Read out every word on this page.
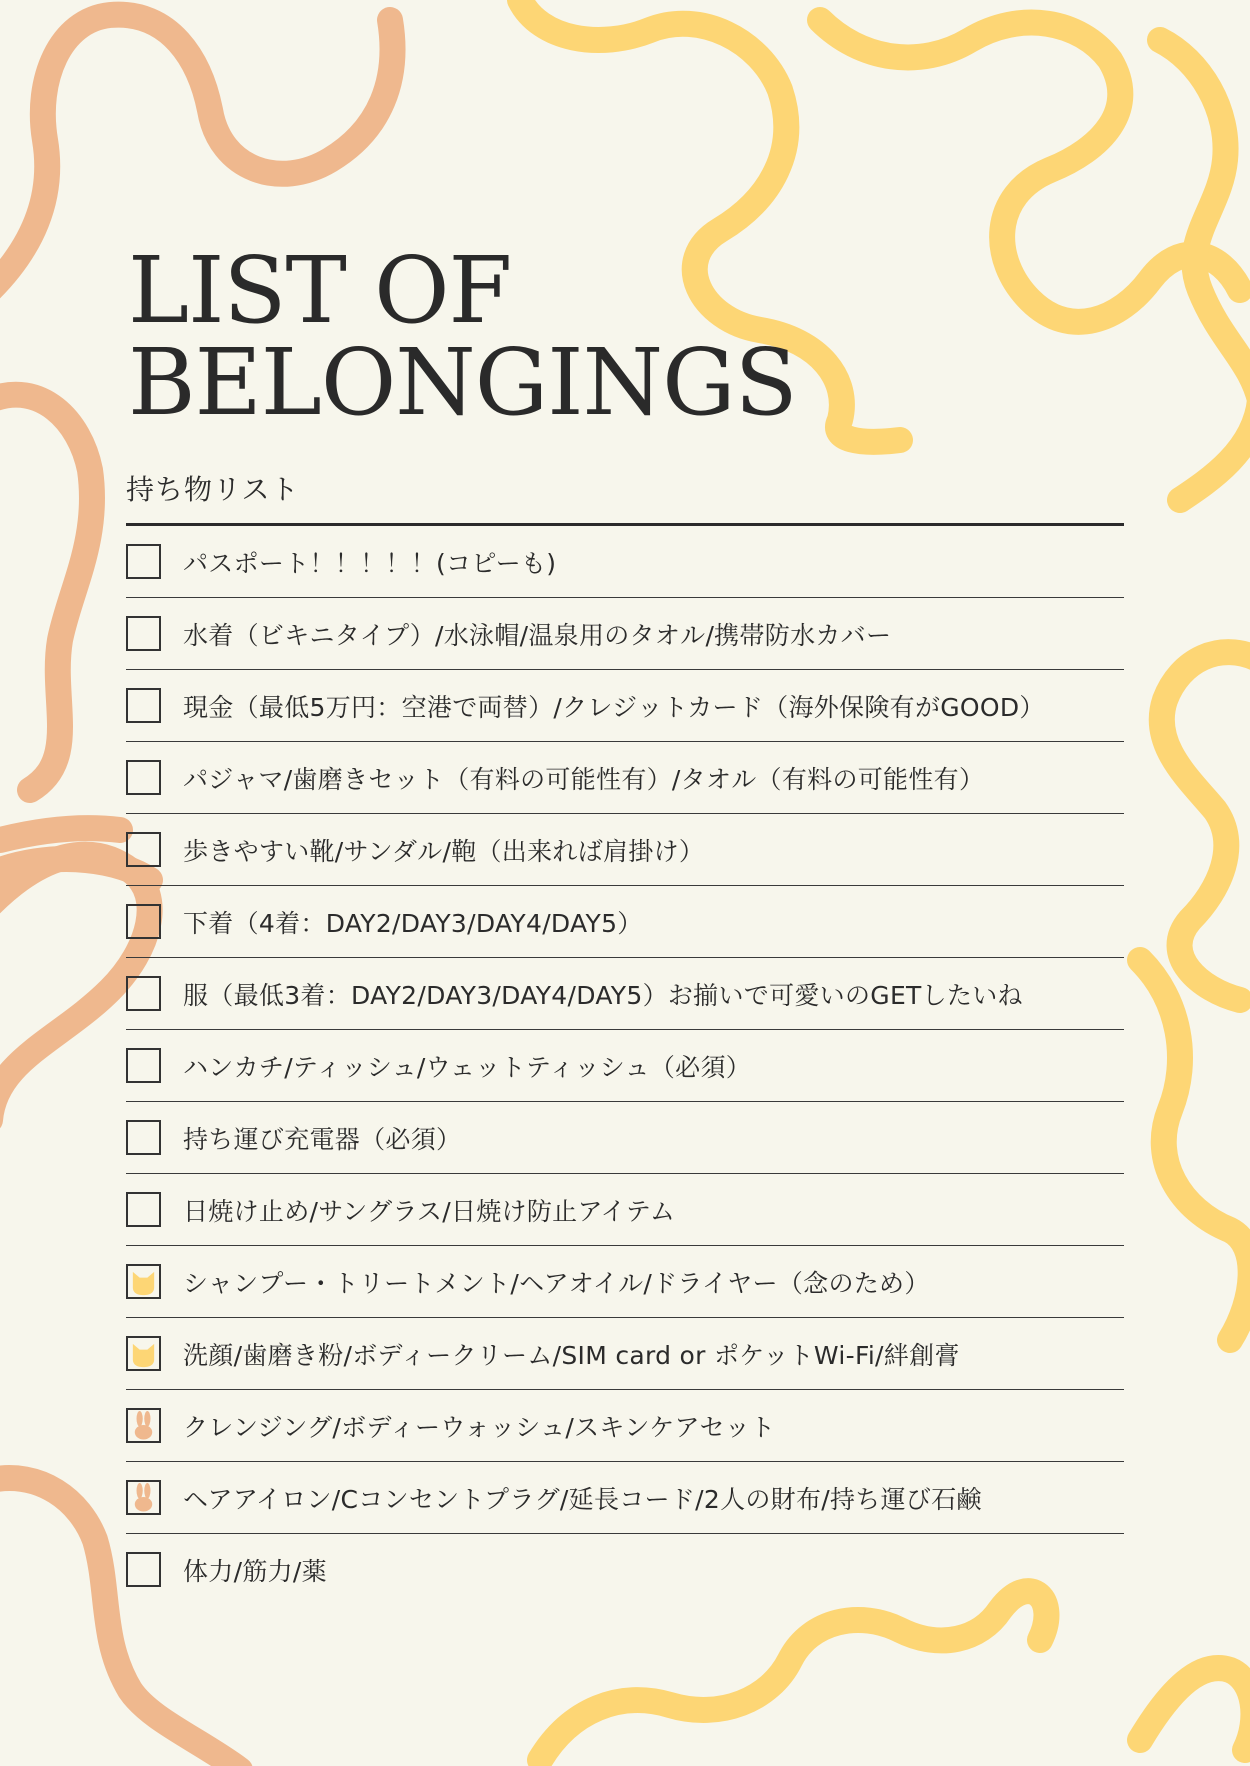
LIST OF
BELONGINGS

持ち物リスト

パスポート！！！！！(コピーも)
水着（ビキニタイプ）/水泳帽/温泉用のタオル/携帯防水カバー
現金（最低5万円：空港で両替）/クレジットカード（海外保険有がGOOD）
パジャマ/歯磨きセット（有料の可能性有）/タオル（有料の可能性有）
歩きやすい靴/サンダル/鞄（出来れば肩掛け）
下着（4着：DAY2/DAY3/DAY4/DAY5）
服（最低3着：DAY2/DAY3/DAY4/DAY5）お揃いで可愛いのGETしたいね
ハンカチ/ティッシュ/ウェットティッシュ（必須）
持ち運び充電器（必須）
日焼け止め/サングラス/日焼け防止アイテム
シャンプー・トリートメント/ヘアオイル/ドライヤー（念のため）
洗顔/歯磨き粉/ボディークリーム/SIM card or ポケットWi-Fi/絆創膏
クレンジング/ボディーウォッシュ/スキンケアセット
ヘアアイロン/Cコンセントプラグ/延長コード/2人の財布/持ち運び石鹸
体力/筋力/薬
